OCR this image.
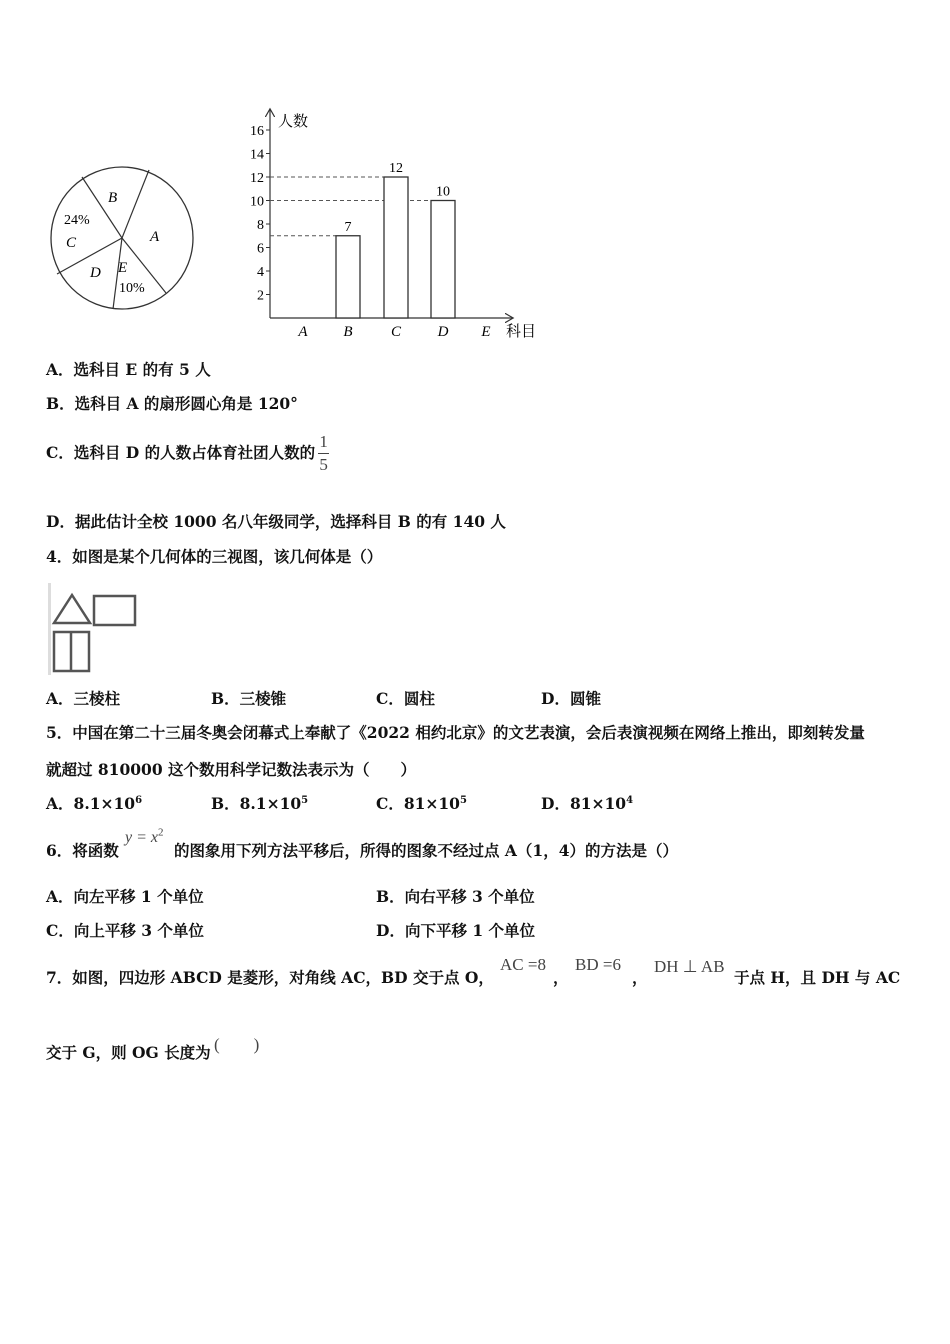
B
A
24%
C
D E
10%
人数
科目
2
4
6
8
10
12
14
16
A
7
B
12
C
10
D E
A．选科目 E 的有 5 人
B．选科目 A 的扇形圆心角是 120°
C． 选科目 D 的人数占体育社团人数的 $\frac{1}{5}$
D．据此估计全校 1000 名八年级同学，选择科目 B 的有 140 人
4．如图是某个几何体的三视图，该几何体是（）
A．三棱柱	B．三棱锥	C．圆柱	D．圆锥
5．中国在第二十三届冬奥会闭幕式上奉献了《2022 相约北京》的文艺表演，会后表演视频在网络上推出，即刻转发量
就超过 810000 这个数用科学记数法表示为（　　）
A．$8.1\times 10^6$	B．$8.1\times 10^5$	C．$81\times 10^5$	D．$81\times 10^4$
6．将函数
$y = x^2$
的图象用下列方法平移后，所得的图象不经过点 A（1，4）的方法是（）
A．向左平移 1 个单位	B．向右平移 3 个单位
C．向上平移 3 个单位	D．向下平移 1 个单位
7．如图，四边形 ABCD 是菱形，对角线 AC，BD 交于点 O，
AC =8
，
BD =6
，
DH ⊥ AB
于点 H，且 DH 与 AC
交于 G，则 OG 长度为 (　　)
